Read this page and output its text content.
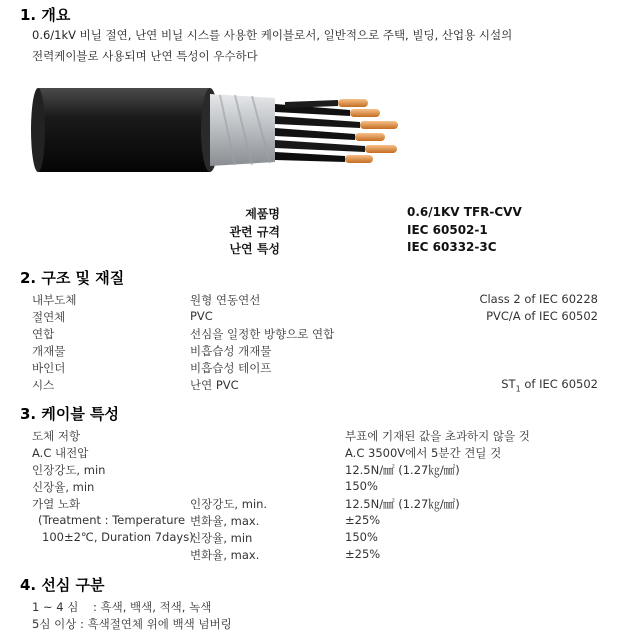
1. 개요
0.6/1kV 비닐 절연, 난연 비닐 시스를 사용한 케이블로서, 일반적으로 주택, 빌딩, 산업용 시설의
전력케이블로 사용되며 난연 특성이 우수하다
제품명	0.6/1KV TFR-CVV
관련 규격	IEC 60502-1
난연 특성	IEC 60332-3C
2. 구조 및 재질
내부도체	원형 연동연선	Class 2 of IEC 60228
절연체	PVC	PVC/A of IEC 60502
연합	선심을 일정한 방향으로 연합
개재물	비흡습성 개재물
바인더	비흡습성 테이프
시스	난연 PVC	$ST_1$ of IEC 60502
3. 케이블 특성
도체 저항	부표에 기재된 값을 초과하지 않을 것
A.C 내전압	A.C 3500V에서 5분간 견딜 것
인장강도, min	12.5N/㎟ (1.27㎏/㎟)
신장율, min	150%
가열 노화
(Treatment : Temperature
100±2℃, Duration 7days)
인장강도, min.	12.5N/㎟ (1.27㎏/㎟)
변화율, max.	±25%
신장율, min	150%
변화율, max.	±25%
4. 선심 구분
1 ~ 4 심    : 흑색, 백색, 적색, 녹색
5심 이상 : 흑색절연체 위에 백색 넘버링
